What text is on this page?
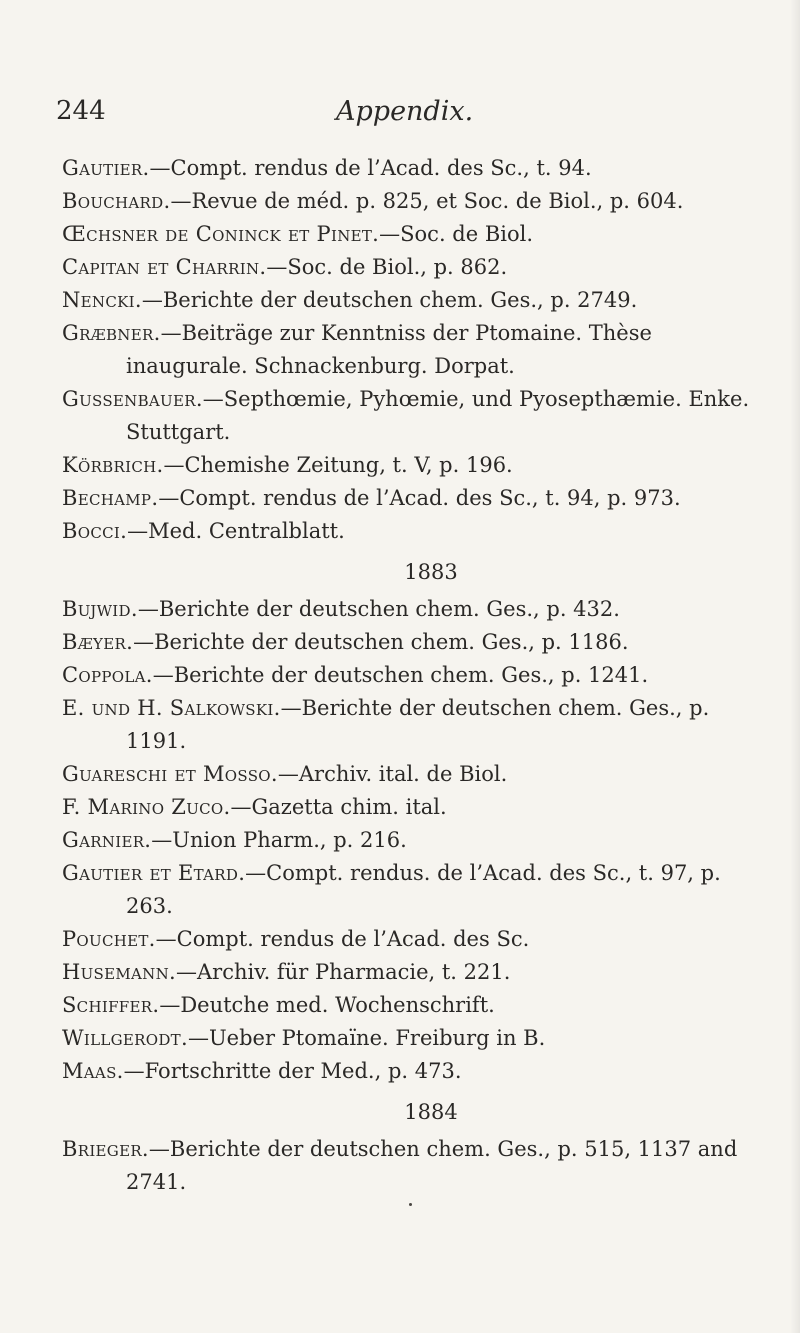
244	Appendix.

Gautier.—Compt. rendus de l’Acad. des Sc., t. 94.

Bouchard.—Revue de méd. p. 825, et Soc. de Biol., p. 604.

Œchsner de Coninck et Pinet.—Soc. de Biol.

Capitan et Charrin.—Soc. de Biol., p. 862.

Nencki.—Berichte der deutschen chem. Ges., p. 2749.

Græbner.—Beiträge zur Kenntniss der Ptomaine. Thèse inaugurale. Schnackenburg. Dorpat.

Gussenbauer.—Septhœmie, Pyhœmie, und Pyosepthæmie. Enke. Stuttgart.

Körbrich.—Chemishe Zeitung, t. V, p. 196.

Bechamp.—Compt. rendus de l’Acad. des Sc., t. 94, p. 973.

Bocci.—Med. Centralblatt.

1883

Bujwid.—Berichte der deutschen chem. Ges., p. 432.

Bæyer.—Berichte der deutschen chem. Ges., p. 1186.

Coppola.—Berichte der deutschen chem. Ges., p. 1241.

E. und H. Salkowski.—Berichte der deutschen chem. Ges., p. 1191.

Guareschi et Mosso.—Archiv. ital. de Biol.

F. Marino Zuco.—Gazetta chim. ital.

Garnier.—Union Pharm., p. 216.

Gautier et Etard.—Compt. rendus. de l’Acad. des Sc., t. 97, p. 263.

Pouchet.—Compt. rendus de l’Acad. des Sc.

Husemann.—Archiv. für Pharmacie, t. 221.

Schiffer.—Deutche med. Wochenschrift.

Willgerodt.—Ueber Ptomaïne. Freiburg in B.

Maas.—Fortschritte der Med., p. 473.

1884

Brieger.—Berichte der deutschen chem. Ges., p. 515, 1137 and 2741.
